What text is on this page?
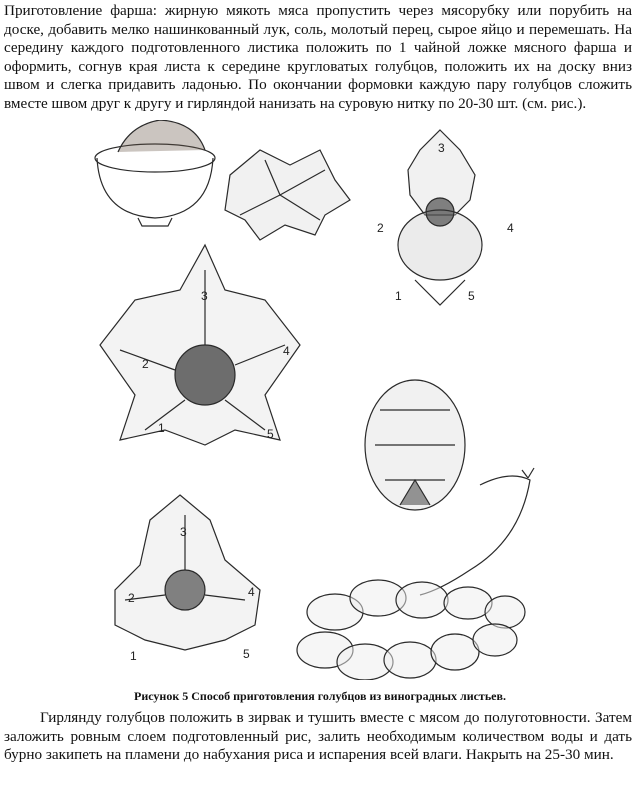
Приготовление фарша: жирную мякоть мяса пропустить через мясорубку или порубить на доске, добавить мелко нашинкованный лук, соль, молотый перец, сырое яйцо и перемешать. На середину каждого подготовленного листика положить по 1 чайной ложке мясного фарша и оформить, согнув края листа к середине кругловатых голубцов, положить их на доску вниз швом и слегка придавить ладонью. По окончании формовки каждую пару голубцов сложить вместе швом друг к другу и гирляндой нанизать на суровую нитку по 20-30 шт. (см. рис.).

3
2	4
1	5
3
2
4
1	5
3
2	4
1	5

Рисунок 5 Способ приготовления голубцов из виноградных листьев.

Гирлянду голубцов положить в зирвак и тушить вместе с мясом до полуготовности. Затем заложить ровным слоем подготовленный рис, залить необходимым количеством воды и дать бурно закипеть на пламени до набухания риса и испарения всей влаги. Накрыть на 25-30 мин.
